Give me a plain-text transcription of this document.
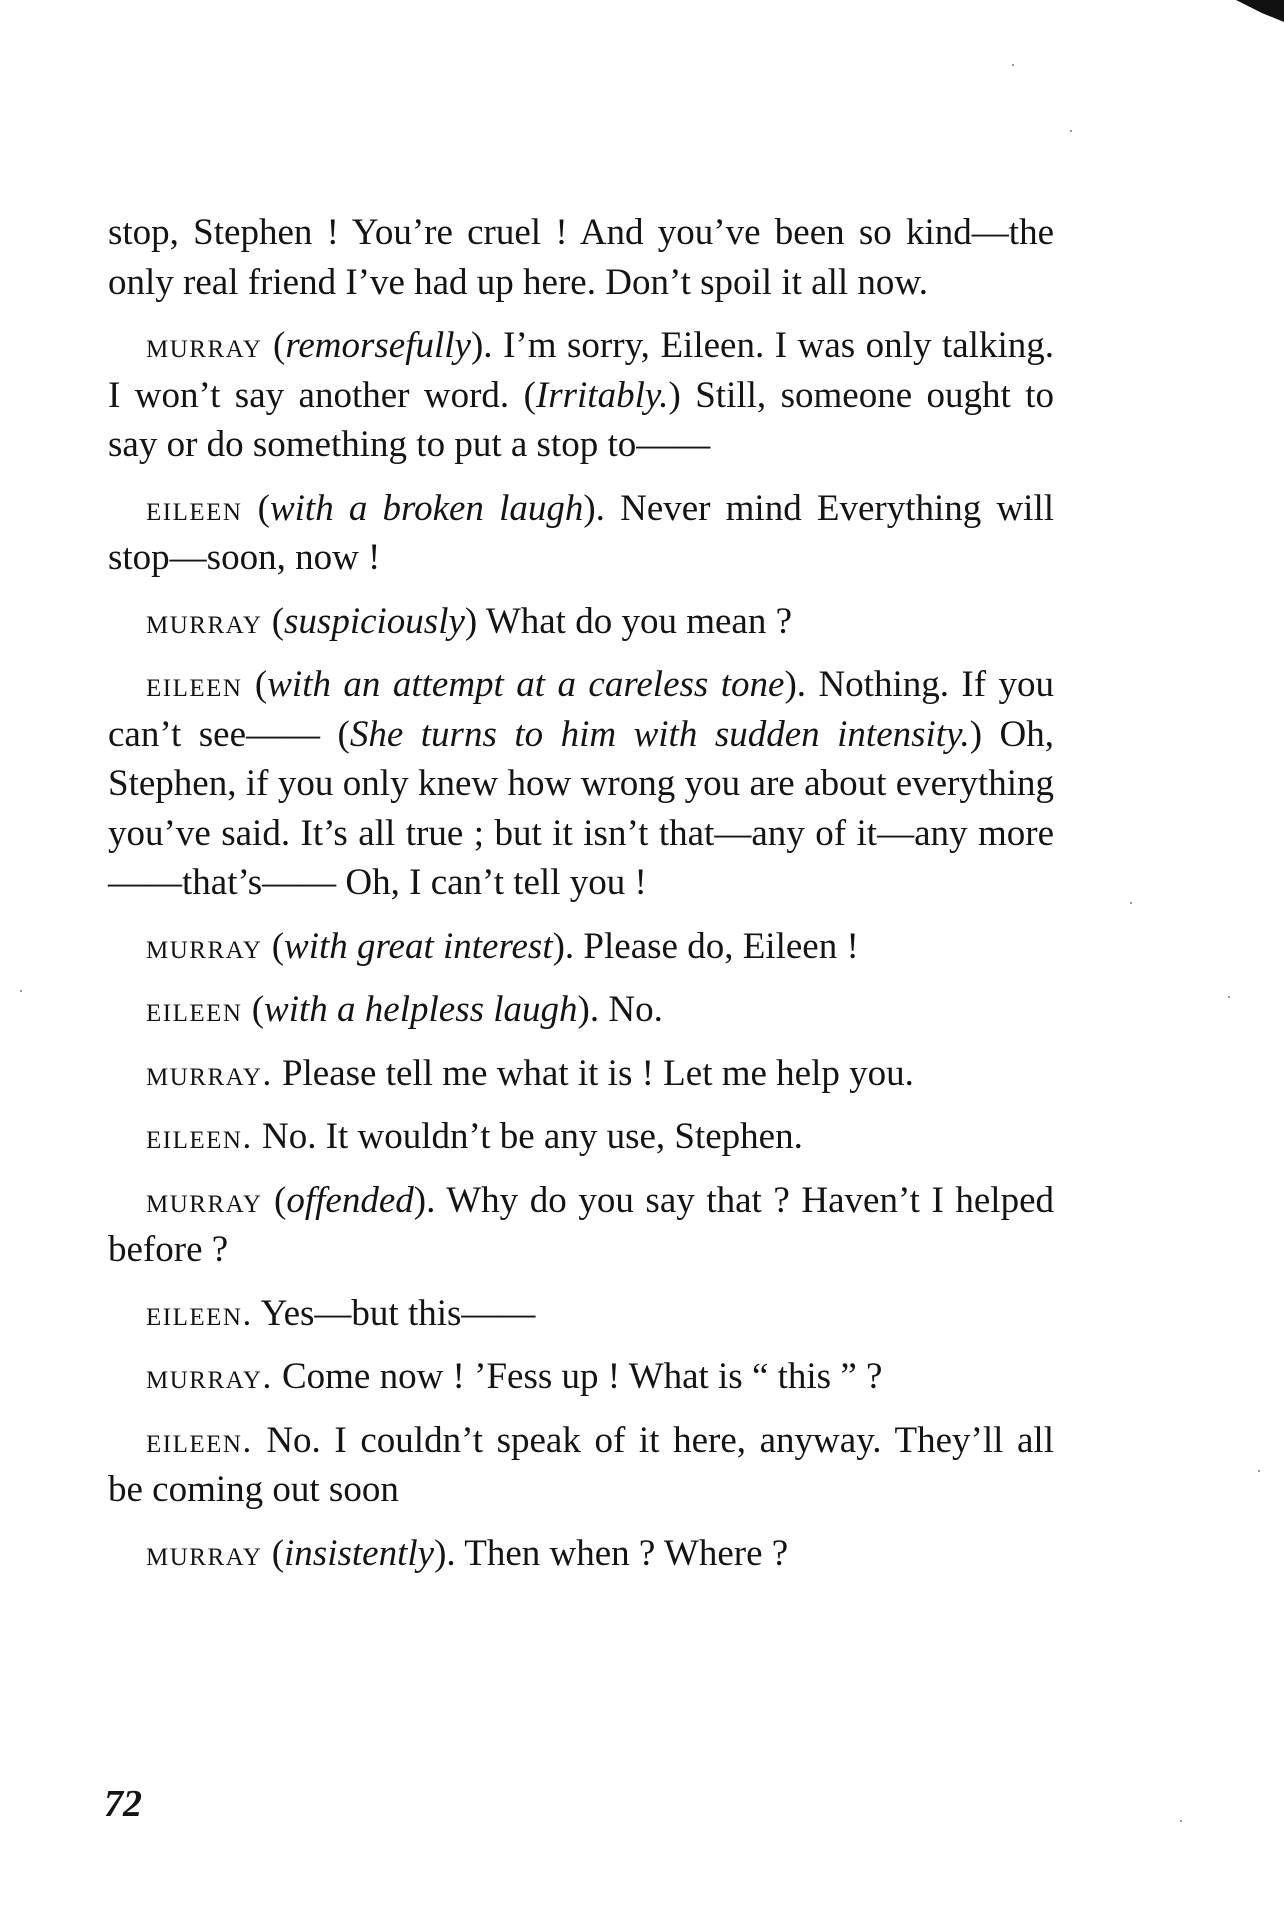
stop, Stephen ! You’re cruel ! And you’ve been so kind—the only real friend I’ve had up here. Don’t spoil it all now.

murray (remorsefully). I’m sorry, Eileen. I was only talking. I won’t say another word. (Irritably.) Still, someone ought to say or do something to put a stop to——

eileen (with a broken laugh). Never mind Everything will stop—soon, now !

murray (suspiciously) What do you mean ?

eileen (with an attempt at a careless tone). Nothing. If you can’t see—— (She turns to him with sudden intensity.) Oh, Stephen, if you only knew how wrong you are about everything you’ve said. It’s all true ; but it isn’t that—any of it—any more——that’s—— Oh, I can’t tell you !

murray (with great interest). Please do, Eileen !

eileen (with a helpless laugh). No.

murray. Please tell me what it is ! Let me help you.

eileen. No. It wouldn’t be any use, Stephen.

murray (offended). Why do you say that ? Haven’t I helped before ?

eileen. Yes—but this——

murray. Come now ! ’Fess up ! What is “ this ” ?

eileen. No. I couldn’t speak of it here, anyway. They’ll all be coming out soon

murray (insistently). Then when ? Where ?

72
